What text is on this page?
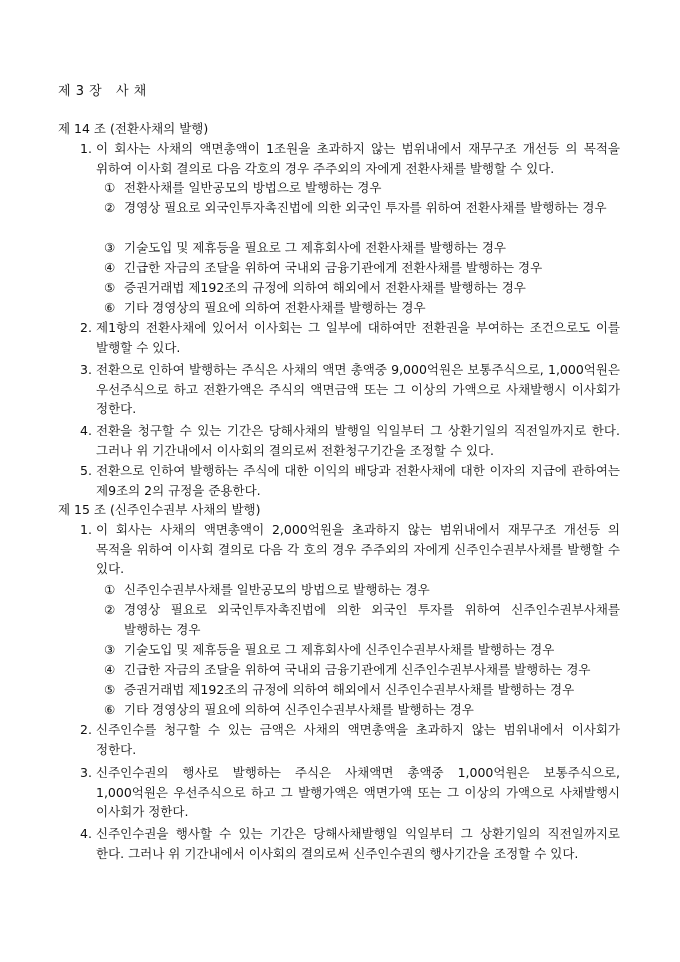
제 3 장   사 채
제 14 조 (전환사채의 발행)
1. 이 회사는 사채의 액면총액이 1조원을 초과하지 않는 범위내에서 재무구조 개선등 의 목적을 위하여 이사회 결의로 다음 각호의 경우 주주외의 자에게 전환사채를 발행할 수 있다.
① 전환사채를 일반공모의 방법으로 발행하는 경우
② 경영상 필요로 외국인투자촉진법에 의한 외국인 투자를 위하여 전환사채를 발행하는 경우
③ 기술도입 및 제휴등을 필요로 그 제휴회사에 전환사채를 발행하는 경우
④ 긴급한 자금의 조달을 위하여 국내외 금융기관에게 전환사채를 발행하는 경우
⑤ 증권거래법 제192조의 규정에 의하여 해외에서 전환사채를 발행하는 경우
⑥ 기타 경영상의 필요에 의하여 전환사채를 발행하는 경우
2. 제1항의 전환사채에 있어서 이사회는 그 일부에 대하여만 전환권을 부여하는 조건으로도 이를 발행할 수 있다.
3. 전환으로 인하여 발행하는 주식은 사채의 액면 총액중 9,000억원은 보통주식으로, 1,000억원은 우선주식으로 하고 전환가액은 주식의 액면금액 또는 그 이상의 가액으로 사채발행시 이사회가 정한다.
4. 전환을 청구할 수 있는 기간은 당해사채의 발행일 익일부터 그 상환기일의 직전일까지로 한다. 그러나 위 기간내에서 이사회의 결의로써 전환청구기간을 조정할 수 있다.
5. 전환으로 인하여 발행하는 주식에 대한 이익의 배당과 전환사채에 대한 이자의 지급에 관하여는 제9조의 2의 규정을 준용한다.
제 15 조 (신주인수권부 사채의 발행)
1. 이 회사는 사채의 액면총액이 2,000억원을 초과하지 않는 범위내에서 재무구조 개선등 의 목적을 위하여 이사회 결의로 다음 각 호의 경우 주주외의 자에게 신주인수권부사채를 발행할 수 있다.
① 신주인수권부사채를 일반공모의 방법으로 발행하는 경우
② 경영상 필요로 외국인투자촉진법에 의한 외국인 투자를 위하여 신주인수권부사채를 발행하는 경우
③ 기술도입 및 제휴등을 필요로 그 제휴회사에 신주인수권부사채를 발행하는 경우
④ 긴급한 자금의 조달을 위하여 국내외 금융기관에게 신주인수권부사채를 발행하는 경우
⑤ 증권거래법 제192조의 규정에 의하여 해외에서 신주인수권부사채를 발행하는 경우
⑥ 기타 경영상의 필요에 의하여 신주인수권부사채를 발행하는 경우
2. 신주인수를 청구할 수 있는 금액은 사채의 액면총액을 초과하지 않는 범위내에서 이사회가 정한다.
3. 신주인수권의 행사로 발행하는 주식은 사채액면 총액중 1,000억원은 보통주식으로, 1,000억원은 우선주식으로 하고 그 발행가액은 액면가액 또는 그 이상의 가액으로 사채발행시 이사회가 정한다.
4. 신주인수권을 행사할 수 있는 기간은 당해사채발행일 익일부터 그 상환기일의 직전일까지로 한다. 그러나 위 기간내에서 이사회의 결의로써 신주인수권의 행사기간을 조정할 수 있다.
